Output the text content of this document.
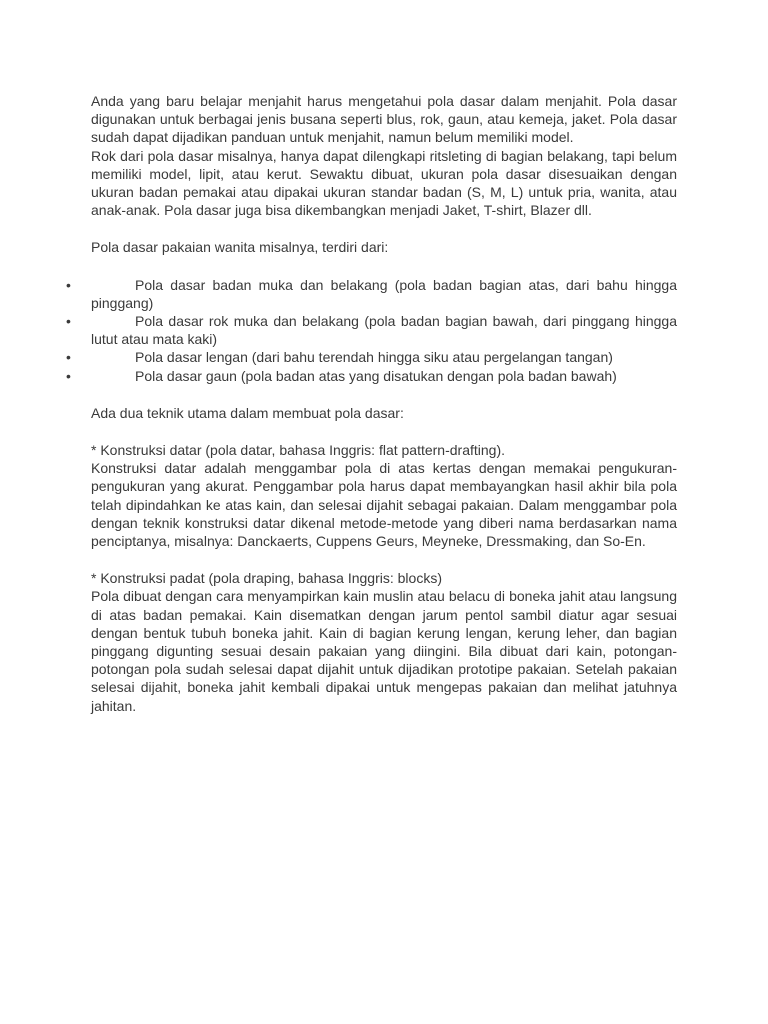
Anda yang baru belajar menjahit harus mengetahui pola dasar dalam menjahit. Pola dasar digunakan untuk berbagai jenis busana seperti blus, rok, gaun, atau kemeja, jaket. Pola dasar sudah dapat dijadikan panduan untuk menjahit, namun belum memiliki model.

Rok dari pola dasar misalnya, hanya dapat dilengkapi ritsleting di bagian belakang, tapi belum memiliki model, lipit, atau kerut. Sewaktu dibuat, ukuran pola dasar disesuaikan dengan ukuran badan pemakai atau dipakai ukuran standar badan (S, M, L) untuk pria, wanita, atau anak-anak. Pola dasar juga bisa dikembangkan menjadi Jaket, T-shirt, Blazer dll.

Pola dasar pakaian wanita misalnya, terdiri dari:

•	Pola dasar badan muka dan belakang (pola badan bagian atas, dari bahu hingga pinggang)
•	Pola dasar rok muka dan belakang (pola badan bagian bawah, dari pinggang hingga lutut atau mata kaki)
•	Pola dasar lengan (dari bahu terendah hingga siku atau pergelangan tangan)
•	Pola dasar gaun (pola badan atas yang disatukan dengan pola badan bawah)

Ada dua teknik utama dalam membuat pola dasar:

* Konstruksi datar (pola datar, bahasa Inggris: flat pattern-drafting).

Konstruksi datar adalah menggambar pola di atas kertas dengan memakai pengukuran-pengukuran yang akurat. Penggambar pola harus dapat membayangkan hasil akhir bila pola telah dipindahkan ke atas kain, dan selesai dijahit sebagai pakaian. Dalam menggambar pola dengan teknik konstruksi datar dikenal metode-metode yang diberi nama berdasarkan nama penciptanya, misalnya: Danckaerts, Cuppens Geurs, Meyneke, Dressmaking, dan So-En.

* Konstruksi padat (pola draping, bahasa Inggris: blocks)

Pola dibuat dengan cara menyampirkan kain muslin atau belacu di boneka jahit atau langsung di atas badan pemakai. Kain disematkan dengan jarum pentol sambil diatur agar sesuai dengan bentuk tubuh boneka jahit. Kain di bagian kerung lengan, kerung leher, dan bagian pinggang digunting sesuai desain pakaian yang diingini. Bila dibuat dari kain, potongan-potongan pola sudah selesai dapat dijahit untuk dijadikan prototipe pakaian. Setelah pakaian selesai dijahit, boneka jahit kembali dipakai untuk mengepas pakaian dan melihat jatuhnya jahitan.
